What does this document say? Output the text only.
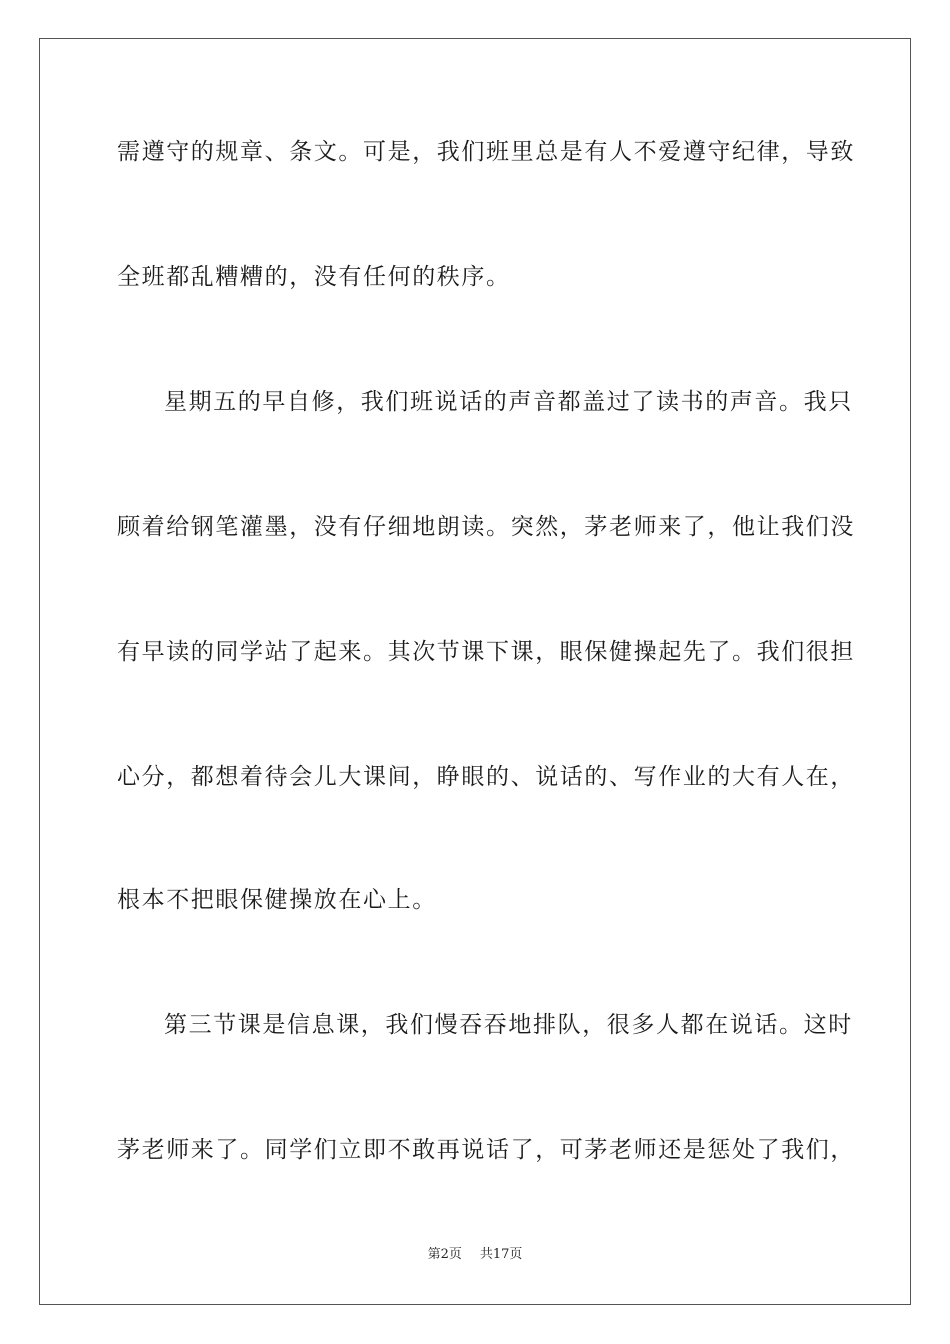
需遵守的规章、条文。可是，我们班里总是有人不爱遵守纪律，导致
全班都乱糟糟的，没有任何的秩序。
星期五的早自修，我们班说话的声音都盖过了读书的声音。我只
顾着给钢笔灌墨，没有仔细地朗读。突然，茅老师来了，他让我们没
有早读的同学站了起来。其次节课下课，眼保健操起先了。我们很担
心分，都想着待会儿大课间，睁眼的、说话的、写作业的大有人在，
根本不把眼保健操放在心上。
第三节课是信息课，我们慢吞吞地排队，很多人都在说话。这时
茅老师来了。同学们立即不敢再说话了，可茅老师还是惩处了我们，
第2页 共17页
